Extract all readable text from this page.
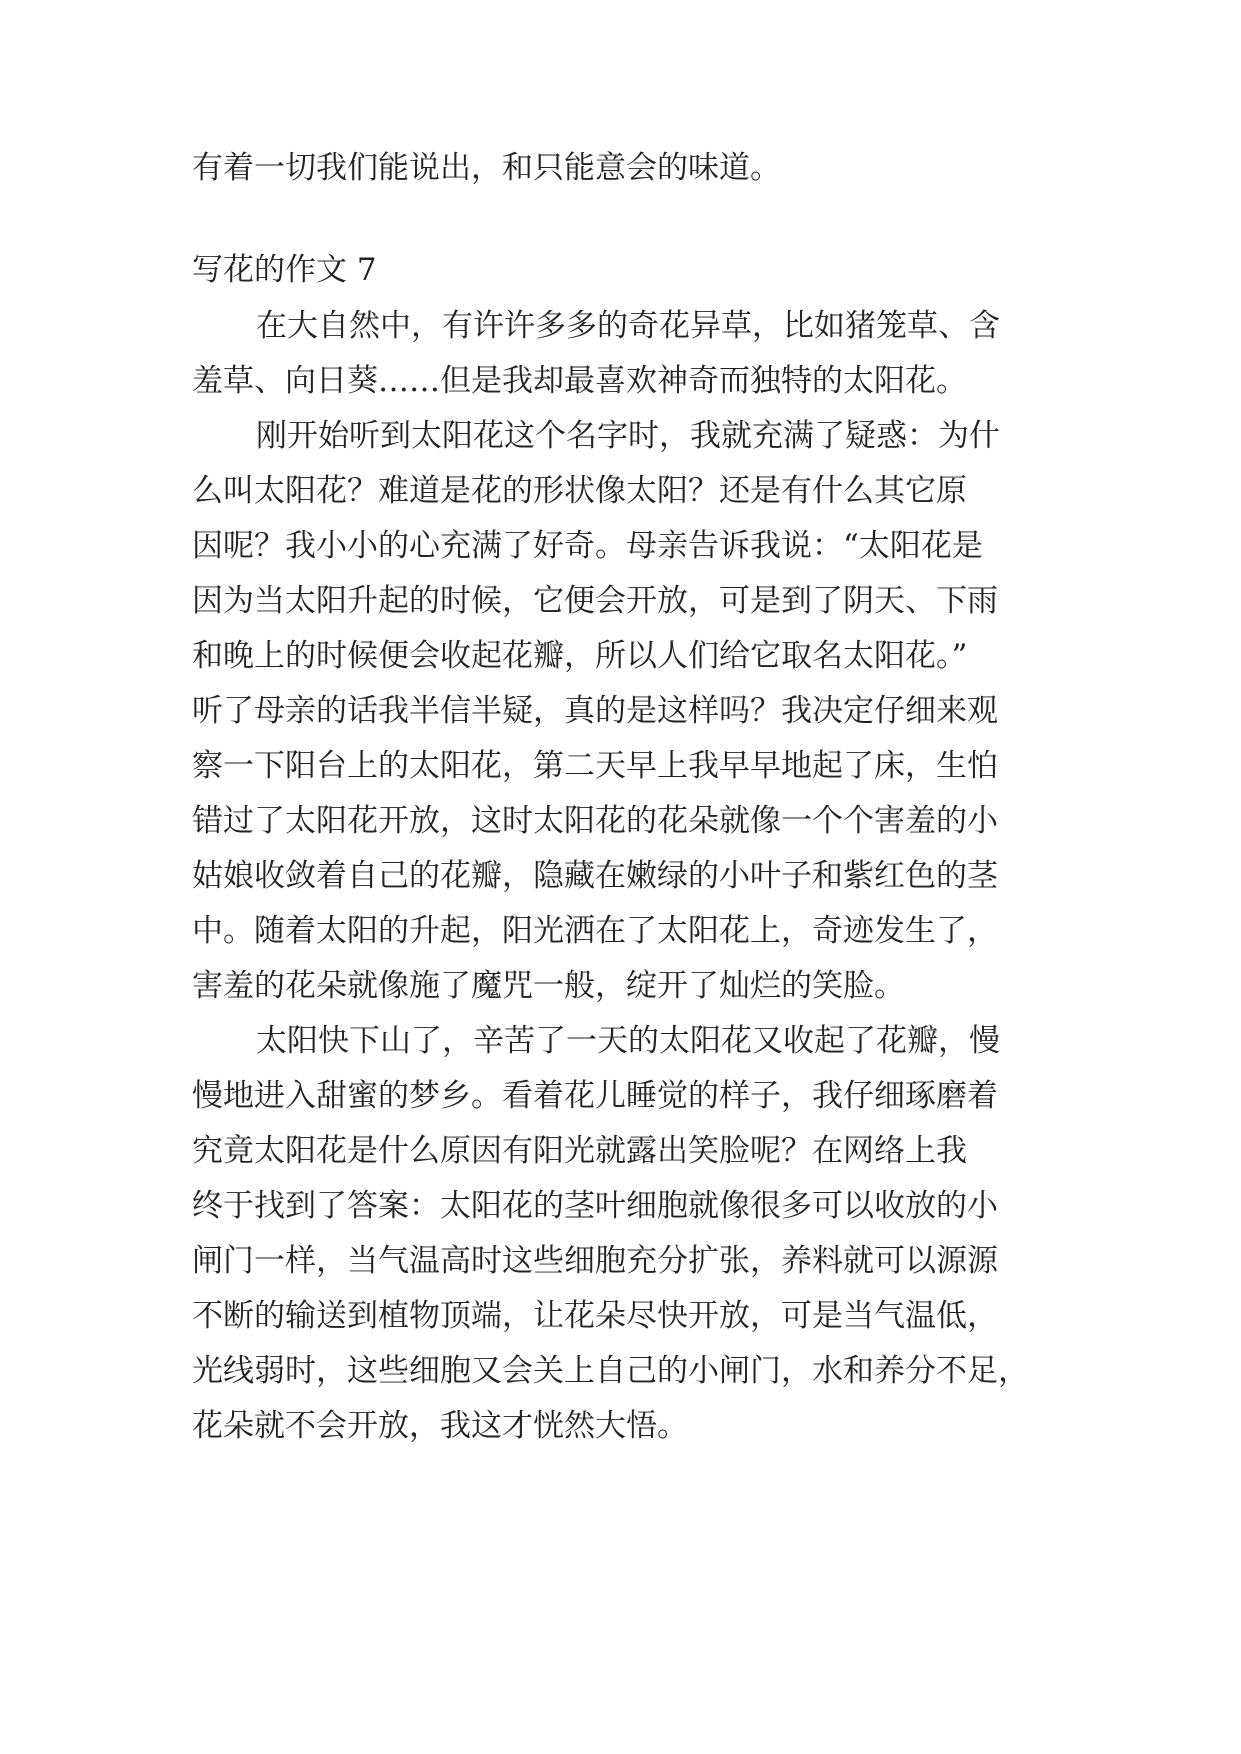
有着一切我们能说出，和只能意会的味道。

写花的作文 7

在大自然中，有许许多多的奇花异草，比如猪笼草、含

羞草、向日葵……但是我却最喜欢神奇而独特的太阳花。

刚开始听到太阳花这个名字时，我就充满了疑惑：为什

么叫太阳花？难道是花的形状像太阳？还是有什么其它原

因呢？我小小的心充满了好奇。母亲告诉我说：“太阳花是

因为当太阳升起的时候，它便会开放，可是到了阴天、下雨

和晚上的时候便会收起花瓣，所以人们给它取名太阳花。”

听了母亲的话我半信半疑，真的是这样吗？我决定仔细来观

察一下阳台上的太阳花，第二天早上我早早地起了床，生怕

错过了太阳花开放，这时太阳花的花朵就像一个个害羞的小

姑娘收敛着自己的花瓣，隐藏在嫩绿的小叶子和紫红色的茎

中。随着太阳的升起，阳光洒在了太阳花上，奇迹发生了，

害羞的花朵就像施了魔咒一般，绽开了灿烂的笑脸。

太阳快下山了，辛苦了一天的太阳花又收起了花瓣，慢

慢地进入甜蜜的梦乡。看着花儿睡觉的样子，我仔细琢磨着

究竟太阳花是什么原因有阳光就露出笑脸呢？在网络上我

终于找到了答案：太阳花的茎叶细胞就像很多可以收放的小

闸门一样，当气温高时这些细胞充分扩张，养料就可以源源

不断的输送到植物顶端，让花朵尽快开放，可是当气温低，

光线弱时，这些细胞又会关上自己的小闸门，水和养分不足，

花朵就不会开放，我这才恍然大悟。
